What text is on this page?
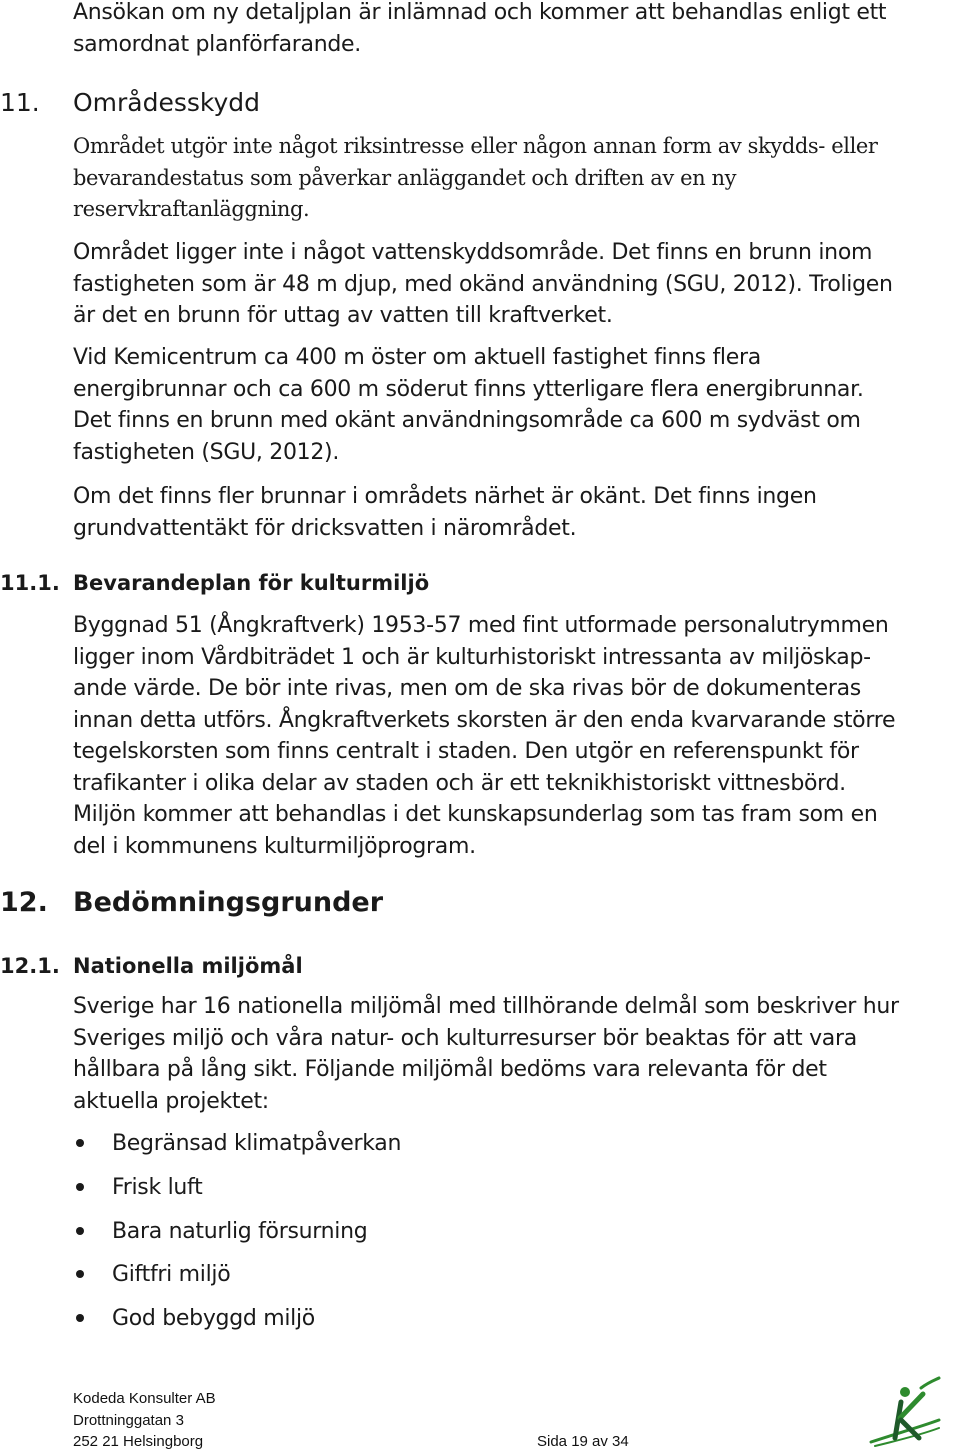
Ansökan om ny detaljplan är inlämnad och kommer att behandlas enligt ett
samordnat planförfarande.
11. Områdesskydd
Området utgör inte något riksintresse eller någon annan form av skydds- eller
bevarandestatus som påverkar anläggandet och driften av en ny
reservkraftanläggning.
Området ligger inte i något vattenskyddsområde. Det finns en brunn inom
fastigheten som är 48 m djup, med okänd användning (SGU, 2012). Troligen
är det en brunn för uttag av vatten till kraftverket.
Vid Kemicentrum ca 400 m öster om aktuell fastighet finns flera
energibrunnar och ca 600 m söderut finns ytterligare flera energibrunnar.
Det finns en brunn med okänt användningsområde ca 600 m sydväst om
fastigheten (SGU, 2012).
Om det finns fler brunnar i områdets närhet är okänt. Det finns ingen
grundvattentäkt för dricksvatten i närområdet.
11.1. Bevarandeplan för kulturmiljö
Byggnad 51 (Ångkraftverk) 1953-57 med fint utformade personalutrymmen
ligger inom Vårdbiträdet 1 och är kulturhistoriskt intressanta av miljöskap-
ande värde. De bör inte rivas, men om de ska rivas bör de dokumenteras
innan detta utförs. Ångkraftverkets skorsten är den enda kvarvarande större
tegelskorsten som finns centralt i staden. Den utgör en referenspunkt för
trafikanter i olika delar av staden och är ett teknikhistoriskt vittnesbörd.
Miljön kommer att behandlas i det kunskapsunderlag som tas fram som en
del i kommunens kulturmiljöprogram.
12. Bedömningsgrunder
12.1. Nationella miljömål
Sverige har 16 nationella miljömål med tillhörande delmål som beskriver hur
Sveriges miljö och våra natur- och kulturresurser bör beaktas för att vara
hållbara på lång sikt. Följande miljömål bedöms vara relevanta för det
aktuella projektet:
Begränsad klimatpåverkan
Frisk luft
Bara naturlig försurning
Giftfri miljö
God bebyggd miljö
Kodeda Konsulter AB
Drottninggatan 3
252 21 Helsingborg	Sida 19 av 34
